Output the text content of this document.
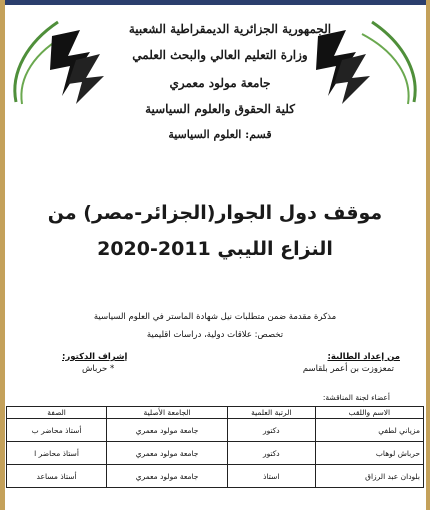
الجمهورية الجزائرية الديمقراطية الشعبية
وزارة التعليم العالي والبحث العلمي
جامعة مولود معمري
كلية الحقوق والعلوم السياسية
قسم: العلوم السياسية
موقف دول الجوار(الجزائر-مصر) من
النزاع الليبي 2011-2020
مذكرة مقدمة ضمن متطلبات نيل شهادة الماستر في العلوم السياسية
تخصص: علاقات دولية، دراسات اقليمية
من إعداد الطالبة:
تمعزوزت بن أعمر بلقاسم
إشراف الدكتور:
* حرباش
أعضاء لجنة المناقشة:
الاسم واللقب	الرتبة العلمية	الجامعة الأصلية	الصفة
مزياني لطفي	دكتور	جامعة مولود معمري	أستاذ محاضر ب
حرباش لوهاب	دكتور	جامعة مولود معمري	أستاذ محاضر ا
بلودان عبد الرزاق	استاذ	جامعة مولود معمري	أستاذ مساعد
